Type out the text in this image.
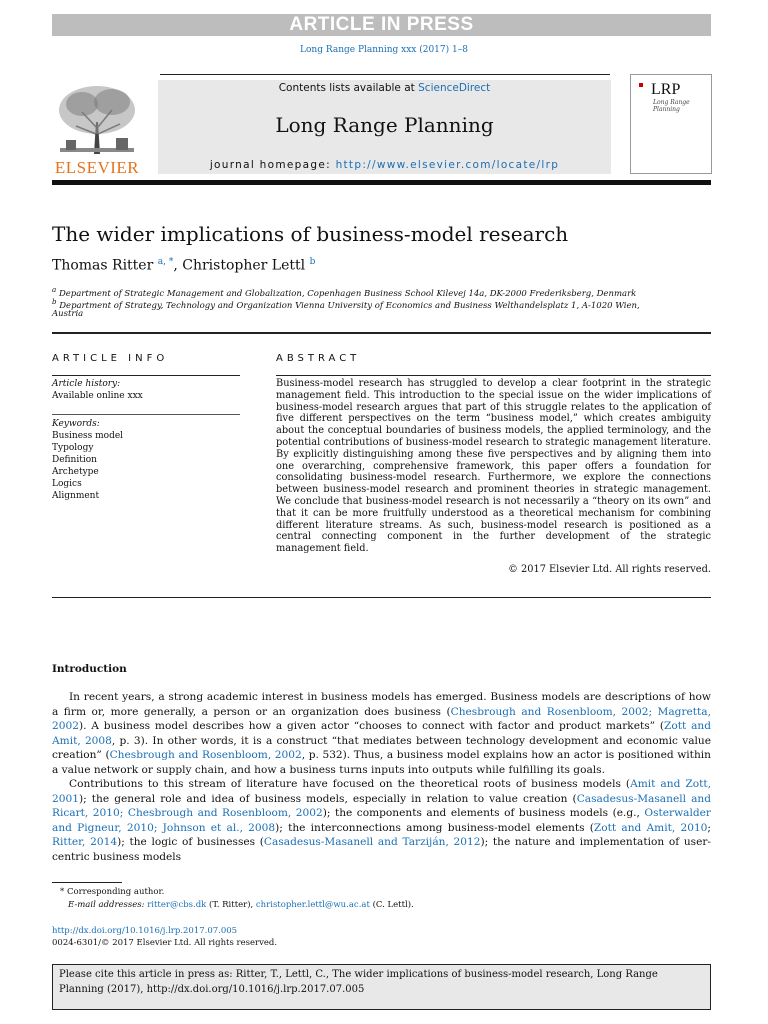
ARTICLE IN PRESS
Long Range Planning xxx (2017) 1–8
ELSEVIER
Contents lists available at ScienceDirect
Long Range Planning
journal homepage: http://www.elsevier.com/locate/lrp
LRP
Long Range Planning
The wider implications of business-model research
Thomas Ritter $^{a, *}$, Christopher Lettl $^b$
$^a$ Department of Strategic Management and Globalization, Copenhagen Business School Kilevej 14a, DK-2000 Frederiksberg, Denmark
$^b$ Department of Strategy, Technology and Organization Vienna University of Economics and Business Welthandelsplatz 1, A-1020 Wien,
Austria
ARTICLE INFO	ABSTRACT
Article history:
Available online xxx
Keywords:
Business model
Typology
Definition
Archetype
Logics
Alignment
Business-model research has struggled to develop a clear footprint in the strategic management field. This introduction to the special issue on the wider implications of business-model research argues that part of this struggle relates to the application of five different perspectives on the term “business model,” which creates ambiguity about the conceptual boundaries of business models, the applied terminology, and the potential contributions of business-model research to strategic management literature. By explicitly distinguishing among these five perspectives and by aligning them into one overarching, comprehensive framework, this paper offers a foundation for consolidating business-model research. Furthermore, we explore the connections between business-model research and prominent theories in strategic management. We conclude that business-model research is not necessarily a “theory on its own” and that it can be more fruitfully understood as a theoretical mechanism for combining different literature streams. As such, business-model research is positioned as a central connecting component in the further development of the strategic management field.
© 2017 Elsevier Ltd. All rights reserved.
Introduction

In recent years, a strong academic interest in business models has emerged. Business models are descriptions of how a firm or, more generally, a person or an organization does business (Chesbrough and Rosenbloom, 2002; Magretta, 2002). A business model describes how a given actor “chooses to connect with factor and product markets” (Zott and Amit, 2008, p. 3). In other words, it is a construct “that mediates between technology development and economic value creation” (Chesbrough and Rosenbloom, 2002, p. 532). Thus, a business model explains how an actor is positioned within a value network or supply chain, and how a business turns inputs into outputs while fulfilling its goals.

Contributions to this stream of literature have focused on the theoretical roots of business models (Amit and Zott, 2001); the general role and idea of business models, especially in relation to value creation (Casadesus-Masanell and Ricart, 2010; Chesbrough and Rosenbloom, 2002); the components and elements of business models (e.g., Osterwalder and Pigneur, 2010; Johnson et al., 2008); the interconnections among business-model elements (Zott and Amit, 2010; Ritter, 2014); the logic of businesses (Casadesus-Masanell and Tarziján, 2012); the nature and implementation of user-centric business models

* Corresponding author.
E-mail addresses: ritter@cbs.dk (T. Ritter), christopher.lettl@wu.ac.at (C. Lettl).
http://dx.doi.org/10.1016/j.lrp.2017.07.005
0024-6301/© 2017 Elsevier Ltd. All rights reserved.
Please cite this article in press as: Ritter, T., Lettl, C., The wider implications of business-model research, Long Range Planning (2017), http://dx.doi.org/10.1016/j.lrp.2017.07.005
